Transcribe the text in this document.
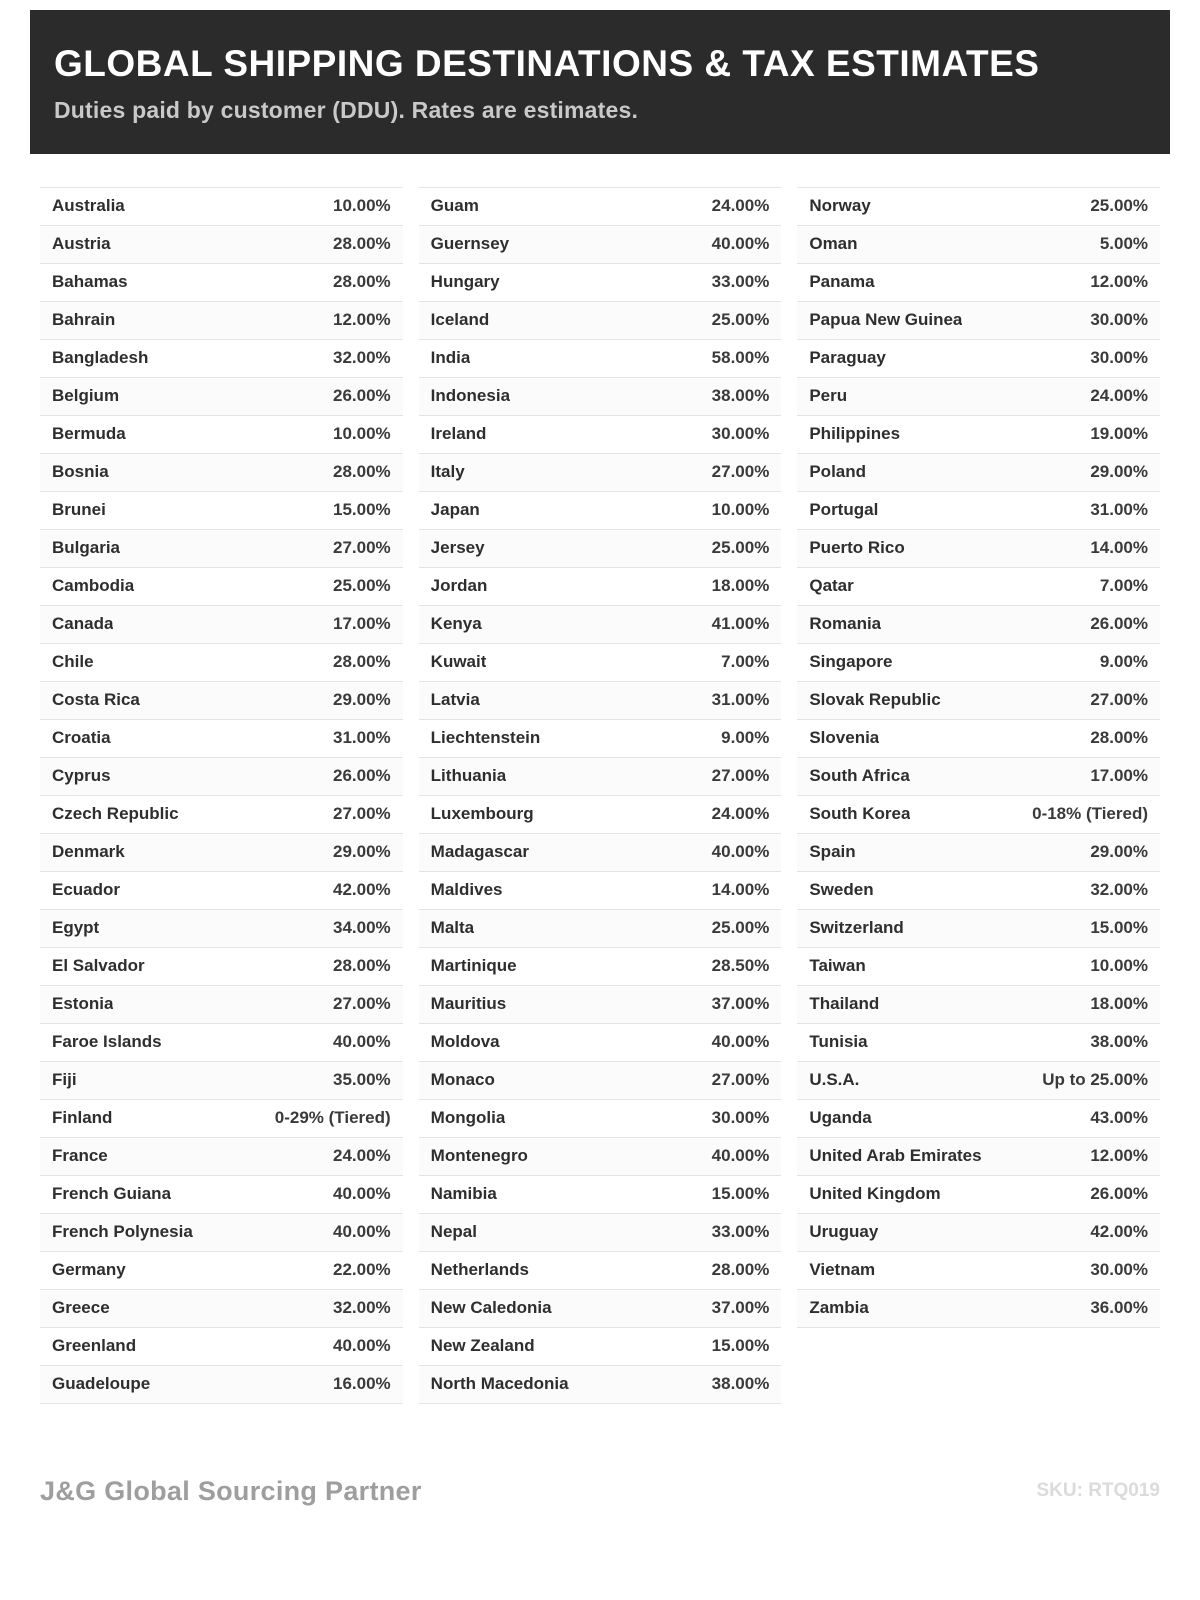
GLOBAL SHIPPING DESTINATIONS & TAX ESTIMATES

Duties paid by customer (DDU). Rates are estimates.

Australia	10.00%
Austria	28.00%
Bahamas	28.00%
Bahrain	12.00%
Bangladesh	32.00%
Belgium	26.00%
Bermuda	10.00%
Bosnia	28.00%
Brunei	15.00%
Bulgaria	27.00%
Cambodia	25.00%
Canada	17.00%
Chile	28.00%
Costa Rica	29.00%
Croatia	31.00%
Cyprus	26.00%
Czech Republic	27.00%
Denmark	29.00%
Ecuador	42.00%
Egypt	34.00%
El Salvador	28.00%
Estonia	27.00%
Faroe Islands	40.00%
Fiji	35.00%
Finland	0-29% (Tiered)
France	24.00%
French Guiana	40.00%
French Polynesia	40.00%
Germany	22.00%
Greece	32.00%
Greenland	40.00%
Guadeloupe	16.00%
Guam	24.00%
Guernsey	40.00%
Hungary	33.00%
Iceland	25.00%
India	58.00%
Indonesia	38.00%
Ireland	30.00%
Italy	27.00%
Japan	10.00%
Jersey	25.00%
Jordan	18.00%
Kenya	41.00%
Kuwait	7.00%
Latvia	31.00%
Liechtenstein	9.00%
Lithuania	27.00%
Luxembourg	24.00%
Madagascar	40.00%
Maldives	14.00%
Malta	25.00%
Martinique	28.50%
Mauritius	37.00%
Moldova	40.00%
Monaco	27.00%
Mongolia	30.00%
Montenegro	40.00%
Namibia	15.00%
Nepal	33.00%
Netherlands	28.00%
New Caledonia	37.00%
New Zealand	15.00%
North Macedonia	38.00%
Norway	25.00%
Oman	5.00%
Panama	12.00%
Papua New Guinea	30.00%
Paraguay	30.00%
Peru	24.00%
Philippines	19.00%
Poland	29.00%
Portugal	31.00%
Puerto Rico	14.00%
Qatar	7.00%
Romania	26.00%
Singapore	9.00%
Slovak Republic	27.00%
Slovenia	28.00%
South Africa	17.00%
South Korea	0-18% (Tiered)
Spain	29.00%
Sweden	32.00%
Switzerland	15.00%
Taiwan	10.00%
Thailand	18.00%
Tunisia	38.00%
U.S.A.	Up to 25.00%
Uganda	43.00%
United Arab Emirates	12.00%
United Kingdom	26.00%
Uruguay	42.00%
Vietnam	30.00%
Zambia	36.00%
J&G Global Sourcing Partner	SKU: RTQ019
